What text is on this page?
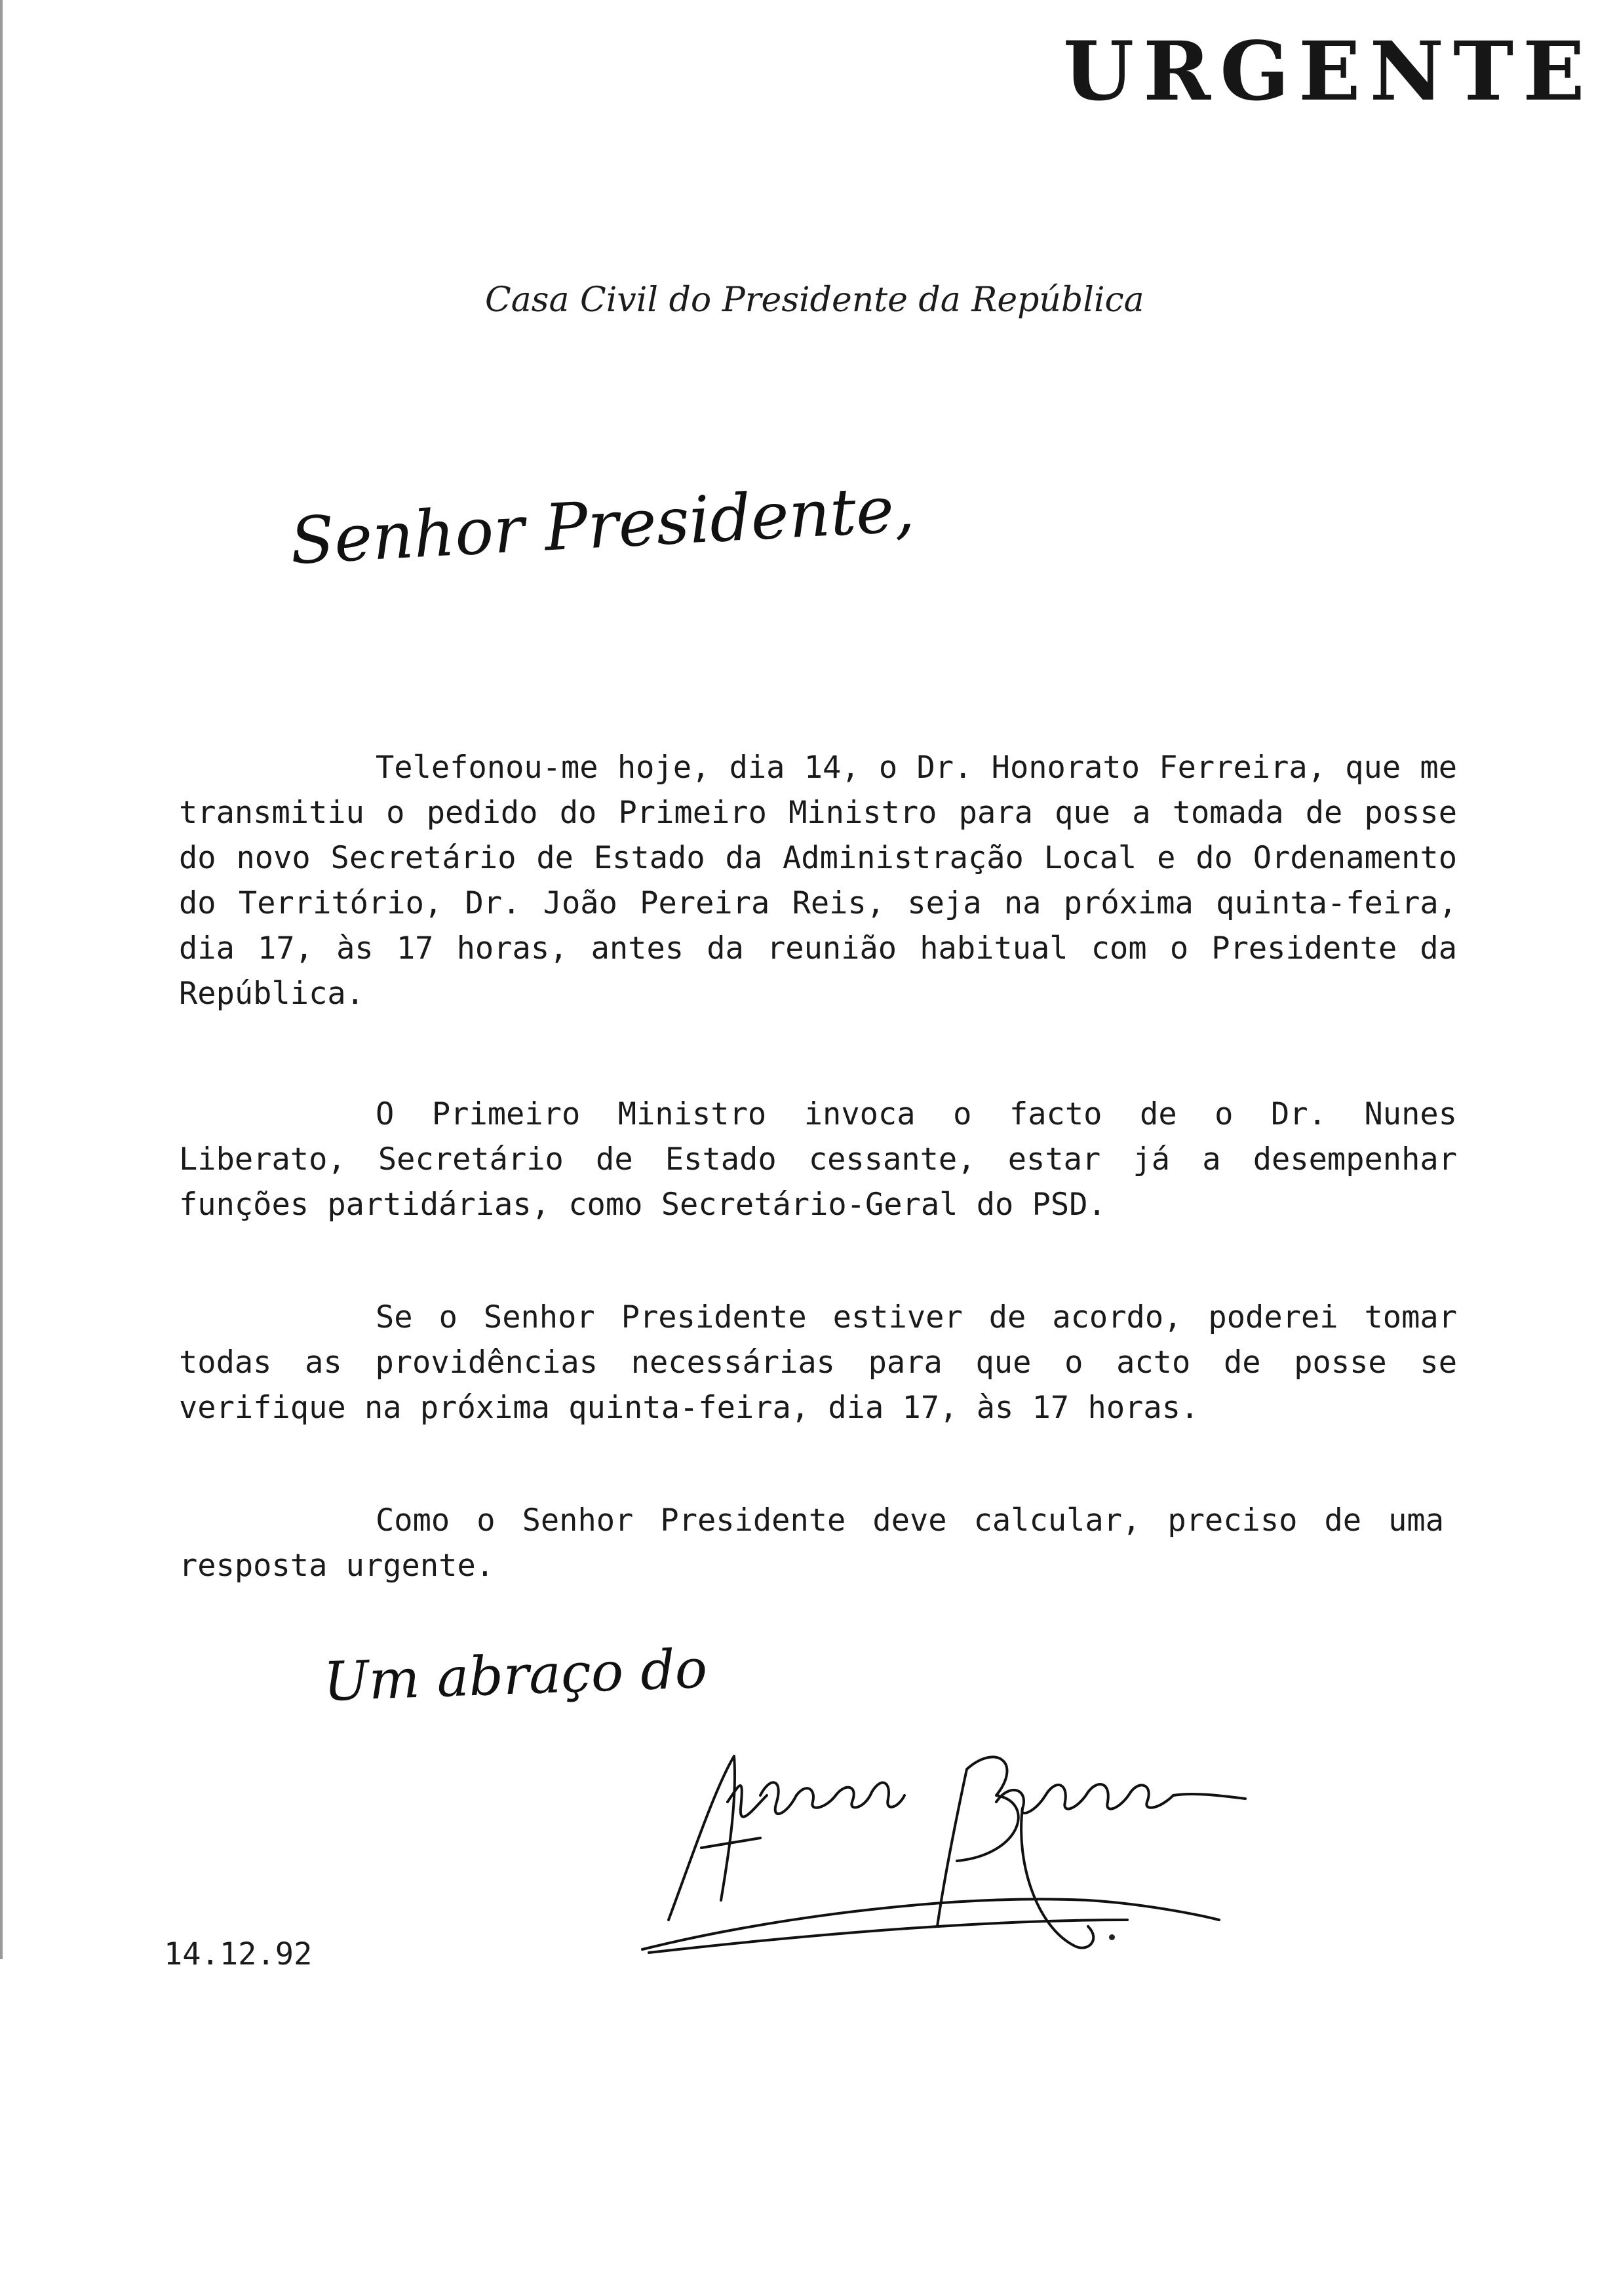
URGENTE
Casa Civil do Presidente da República
Senhor Presidente,

Telefonou-me hoje, dia 14, o Dr. Honorato Ferreira, que me transmitiu o pedido do Primeiro Ministro para que a tomada de posse do novo Secretário de Estado da Administração Local e do Ordenamento do Território, Dr. João Pereira Reis, seja na próxima quinta-feira, dia 17, às 17 horas, antes da reunião habitual com o Presidente da República.

O Primeiro Ministro invoca o facto de o Dr. Nunes Liberato, Secretário de Estado cessante, estar já a desempenhar funções partidárias, como Secretário-Geral do PSD.

Se o Senhor Presidente estiver de acordo, poderei tomar todas as providências necessárias para que o acto de posse se verifique na próxima quinta-feira, dia 17, às 17 horas.

Como o Senhor Presidente deve calcular, preciso de uma resposta urgente.

Um abraço do
14.12.92
